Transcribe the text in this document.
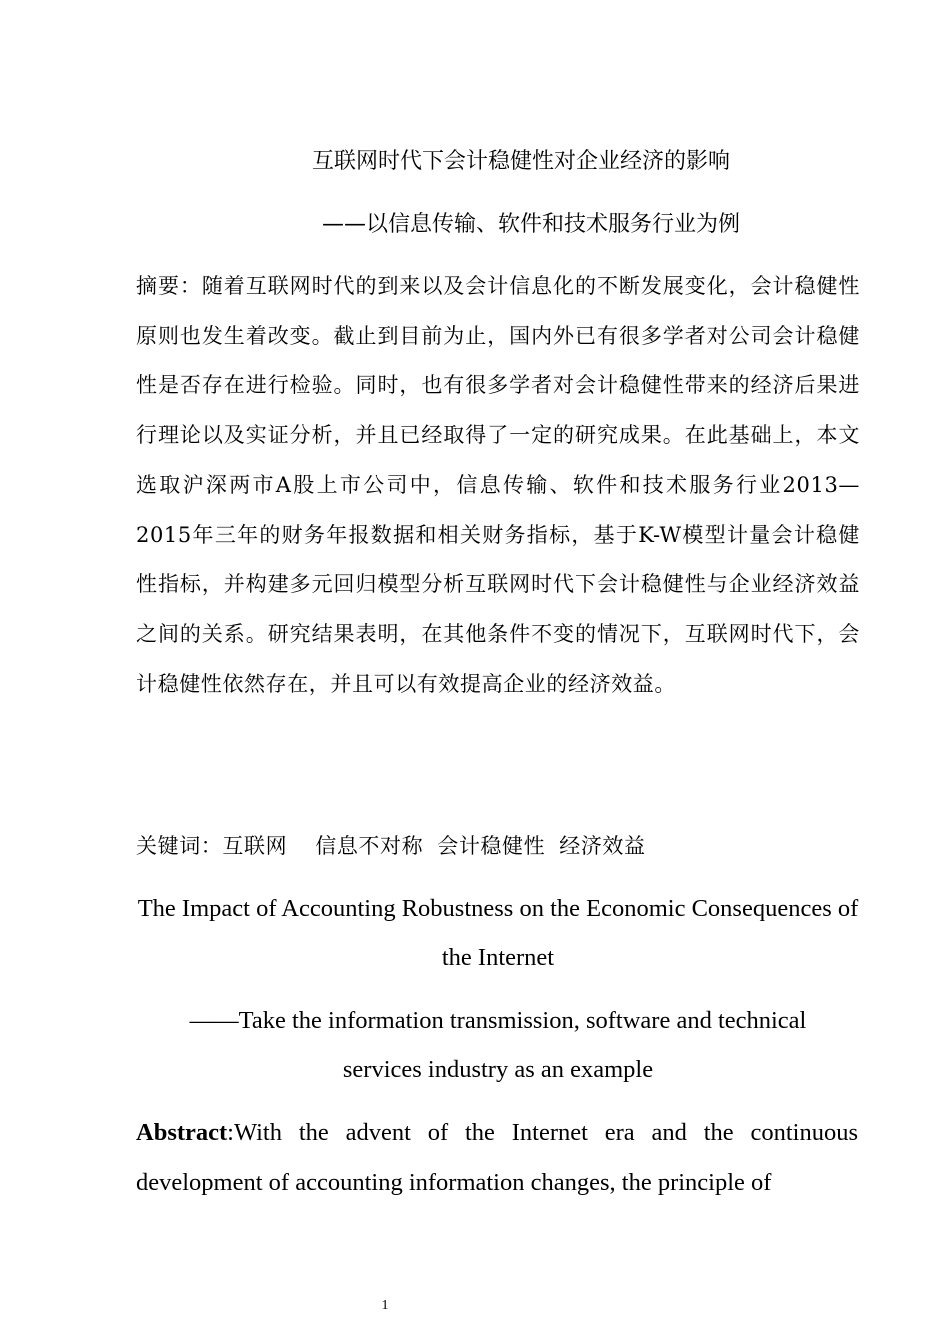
互联网时代下会计稳健性对企业经济的影响
——以信息传输、软件和技术服务行业为例
摘要：随着互联网时代的到来以及会计信息化的不断发展变化，会计稳健性原则也发生着改变。截止到目前为止，国内外已有很多学者对公司会计稳健性是否存在进行检验。同时，也有很多学者对会计稳健性带来的经济后果进行理论以及实证分析，并且已经取得了一定的研究成果。在此基础上，本文选取沪深两市A股上市公司中，信息传输、软件和技术服务行业2013—2015年三年的财务年报数据和相关财务指标，基于K-W模型计量会计稳健性指标，并构建多元回归模型分析互联网时代下会计稳健性与企业经济效益之间的关系。研究结果表明，在其他条件不变的情况下，互联网时代下，会计稳健性依然存在，并且可以有效提高企业的经济效益。
关键词：互联网 信息不对称 会计稳健性 经济效益
The Impact of Accounting Robustness on the Economic Consequences of the Internet
——Take the information transmission, software and technical services industry as an example
Abstract:With the advent of the Internet era and the continuous development of accounting information changes, the principle of
1
